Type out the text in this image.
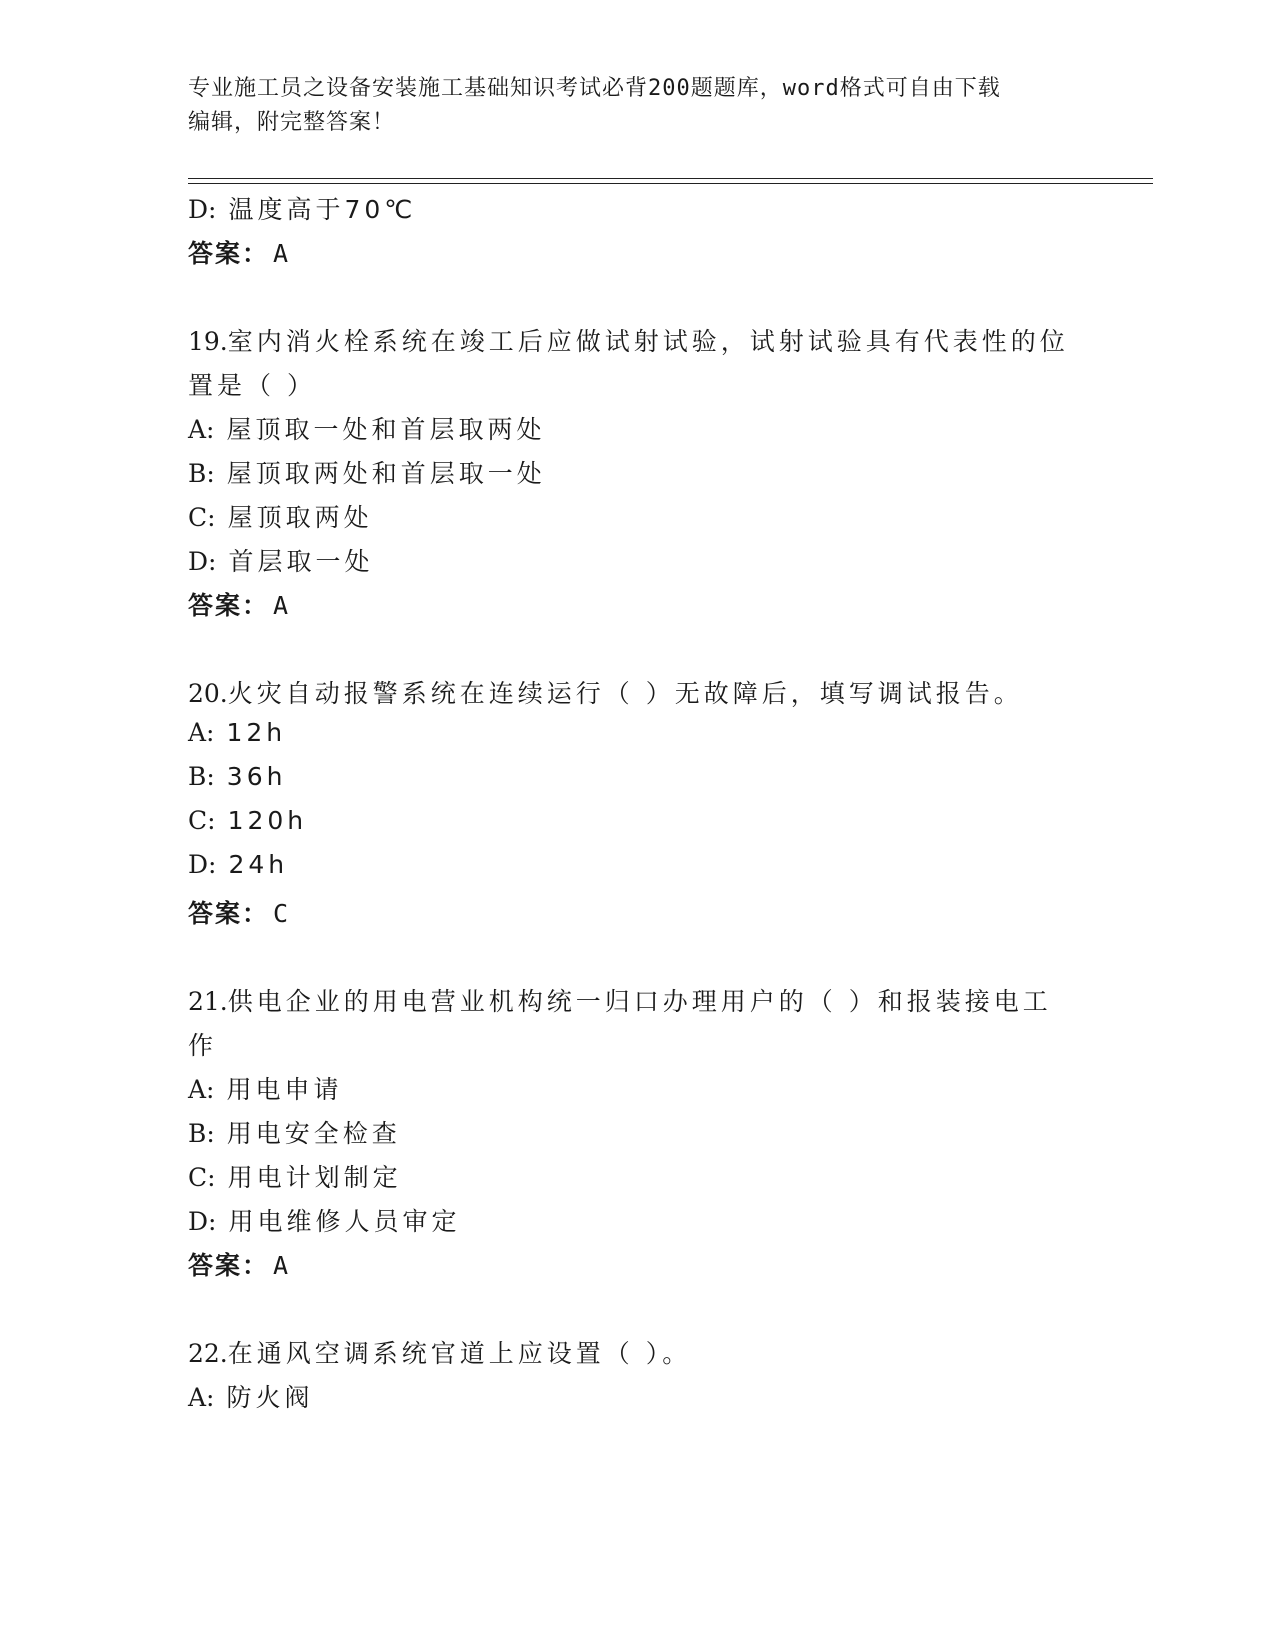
专业施工员之设备安装施工基础知识考试必背200题题库，word格式可自由下载
编辑，附完整答案！
D: 温度高于70℃
答案： A
19.室内消火栓系统在竣工后应做试射试验，试射试验具有代表性的位
置是（ ）
A: 屋顶取一处和首层取两处
B: 屋顶取两处和首层取一处
C: 屋顶取两处
D: 首层取一处
答案： A
20.火灾自动报警系统在连续运行（ ）无故障后，填写调试报告。
A: 12h
B: 36h
C: 120h
D: 24h
答案： C
21.供电企业的用电营业机构统一归口办理用户的（ ）和报装接电工
作
A: 用电申请
B: 用电安全检查
C: 用电计划制定
D: 用电维修人员审定
答案： A
22.在通风空调系统官道上应设置（ ）。
A: 防火阀
